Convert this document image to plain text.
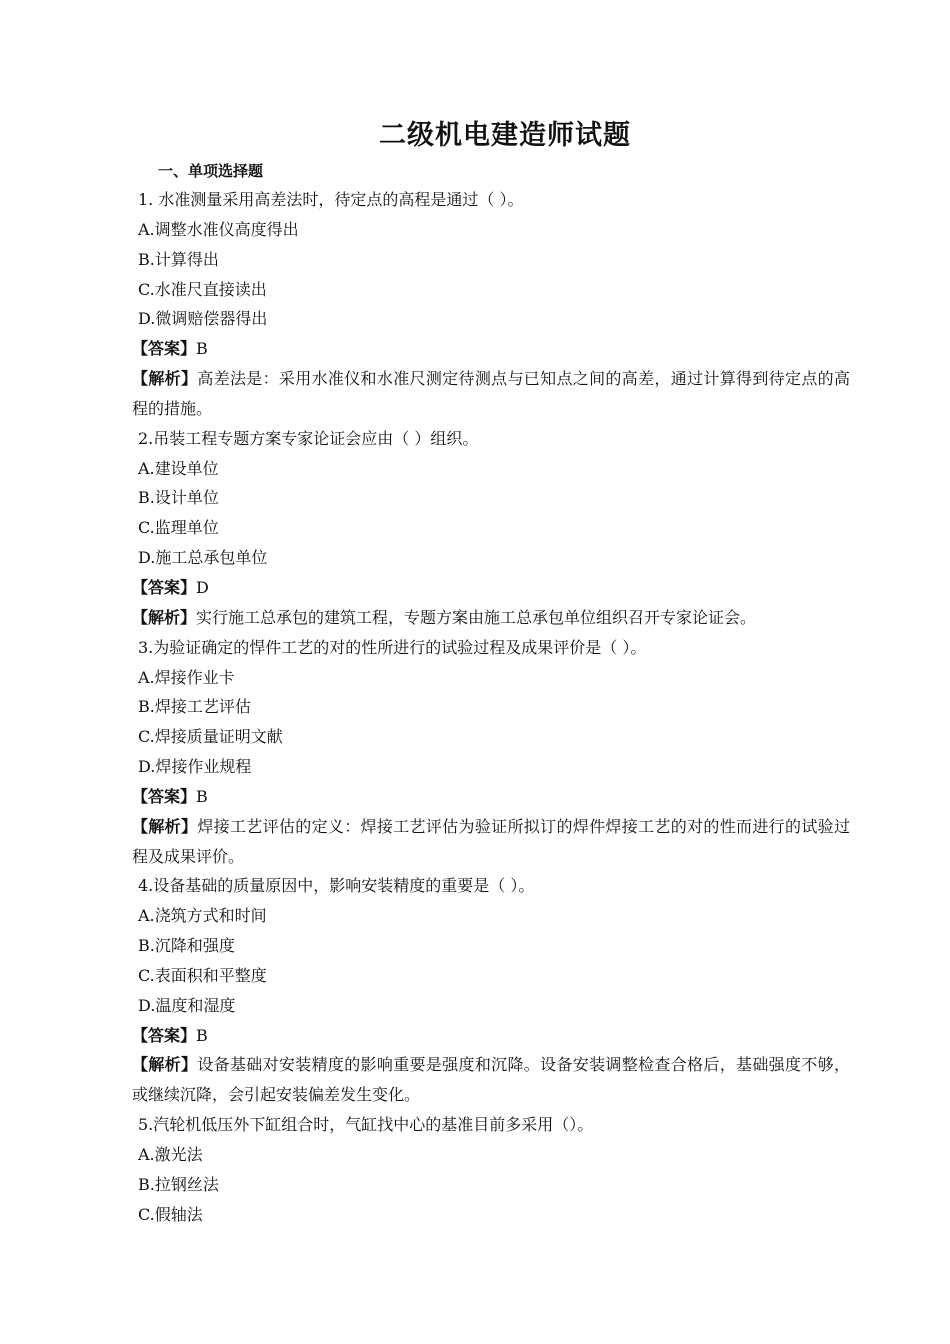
二级机电建造师试题
一、单项选择题

1. 水准测量采用高差法时，待定点的高程是通过（ ）。

A.调整水准仪高度得出

B.计算得出

C.水准尺直接读出

D.微调赔偿器得出

【答案】B

【解析】高差法是：采用水准仪和水准尺测定待测点与已知点之间的高差，通过计算得到待定点的高程的措施。

2.吊装工程专题方案专家论证会应由（ ）组织。

A.建设单位

B.设计单位

C.监理单位

D.施工总承包单位

【答案】D

【解析】实行施工总承包的建筑工程，专题方案由施工总承包单位组织召开专家论证会。

3.为验证确定的悍件工艺的对的性所进行的试验过程及成果评价是（ ）。

A.焊接作业卡

B.焊接工艺评估

C.焊接质量证明文献

D.焊接作业规程

【答案】B

【解析】焊接工艺评估的定义：焊接工艺评估为验证所拟订的焊件焊接工艺的对的性而进行的试验过程及成果评价。

4.设备基础的质量原因中，影响安装精度的重要是（ ）。

A.浇筑方式和时间

B.沉降和强度

C.表面积和平整度

D.温度和湿度

【答案】B

【解析】设备基础对安装精度的影响重要是强度和沉降。设备安装调整检查合格后，基础强度不够，或继续沉降，会引起安装偏差发生变化。

5.汽轮机低压外下缸组合时，气缸找中心的基准目前多采用（）。

A.激光法

B.拉钢丝法

C.假轴法
